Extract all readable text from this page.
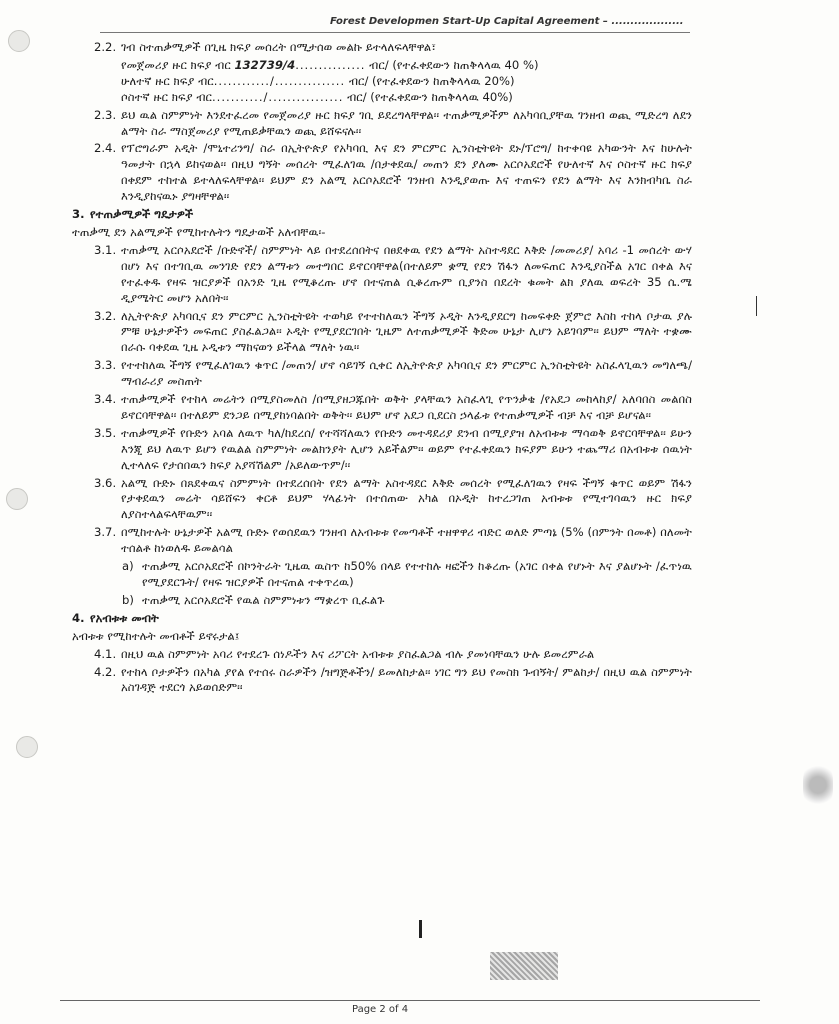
Forest Developmen Start-Up Capital Agreement – ...................
2.2. ገብ ስተጠቃሚዎች በጊዜ ክፍያ መሰረት በሚታሰወ መልኩ ይተላለፍላቸዋል፣
የመጀመሪያ ዙር ክፍያ ብር 132739/4............... ብር/ (የተፈቀደውን ከጠቅላላዉ 40 %)
ሁለተኛ ዙር ክፍያ ብር............/............... ብር/ (የተፈቀደውን ከጠቅላላዉ 20%)
ሶስተኛ ዙር ክፍያ ብር.........../................ ብር/ (የተፈቀደውን ከጠቅላላዉ 40%)
2.3. ይህ ዉል ስምምነት እንደተፈረመ የመጀመሪያ ዙር ክፍያ ገቢ ይደረግላቸዋል፡፡ ተጠቃሚዎችም ለአካባቢያቸዉ ገንዘብ ወጪ ሚድረግ ለደን ልማት ስራ ማስጀመሪያ የሚጠይቃቸዉን ወጪ ይሸፍናሉ፡፡
2.4. የፕሮግራም አዲት /ሞኒተሪንግ/ ስራ በኢትዮጵያ የአካባቢ እና ደን ምርምር ኢንስቲትዩት ደኑ/ፕሮግ/ ከተቀባዩ አካውንት እና ከሁሉት ዓመታት በኋላ ይከናወል፡፡ በዚህ ግኝት መሰረት ሚፈለገዉ /በታቀደዉ/ መጠን ደን ያለሙ አርሶአደሮች የሁለተኛ እና ሶስተኛ ዙር ክፍያ በቀደም ተከተል ይተላለፍላቸዋል፡፡ ይህም ደን አልሚ አርሶአደሮች ገንዘብ እንዲያወጡ እና ተጠፍን የደን ልማት እና እንክብካቤ ስራ እንዲያከናዉኑ ያግዛቸዋል፡፡
3. የተጠቃሚዎች ግዴታዎች
ተጠቃሚ ደን አልሚዎች የሚከተሉትን ግዴታወች አለብቸዉ፡-
3.1. ተጠቃሚ አርሶአደሮች /ቡድኖች/ ስምምነት ላይ በተደረሰበትና በፀደቀዉ የደን ልማት አስተዳደር እቅድ /መመሪያ/ አባሪ -1 መሰረት ውሃ በሆነ እና በተገቢዉ መንገድ የደን ልማቱን መተግበር ይኖርባቸዋል(በተለይም ቋሚ የደን ሽፋን ለመፍጠር እንዲያስችል አገር በቀል እና የተፈቀዱ የዛፍ ዝርያዎች በአንድ ጊዜ የሚቆረጡ ሆኖ በተናጠል ሲቆረጡም ቢያንስ በደረት ቁመት ልክ ያለዉ ወፍረት 35 ሴ.ሜ ዲያሜትር መሆን አለበት፡፡
3.2. ለኢትዮጵያ አካባቢና ደን ምርምር ኢንስቲትዩት ተወካይ የተተከለዉን ችግኝ ኦዲት እንዲያደርግ ከመፍቀድ ጀምሮ እስከ ተከላ ቦታዉ ያሉ ምቹ ሁኔታዎችን መፍጠር ያስፈልጋል፡፡ ኦዲት የሚያደርገበት ጊዜም ለተጠቃሚዎች ቅድመ ሁኔታ ሊሆን አይገባም፡፡ ይህም ማለት ተቋሙ በራሱ ባቀደዉ ጊዜ ኦዲቱን ማከናወን ይችላል ማለት ነዉ፡፡
3.3. የተተከለዉ ችግኝ የሚፈለገዉን ቁጥር /መጠን/ ሆኖ ሳይገኝ ሲቀር ለኢትዮጵያ አካባቢና ደን ምርምር ኢንስቲትዩት አስፈላጊዉን መግለጫ/ማብራሪያ መስጠት
3.4. ተጠቃሚዎች የተከላ መሬትን በሚያስመለስ /በሚያዘጋጁበት ወቅት ያላቸዉን አስፈላጊ የጥንቃቄ /የአደጋ መከላከያ/ አለባበስ መልበስ ይኖርባቸዋል፡፡ በተለይም ደንጋይ በሚያከነባልበት ወቅት፡፡ ይህም ሆኖ አደጋ ቢደርስ ኃላፊቱ የተጠቃሚዎች ብቻ እና ብቻ ይሆናል፡፡
3.5. ተጠቃሚዎች የቡድን አባል ለዉጥ ካለ/ከደረሰ/ የተሻሻለዉን የቡድን መተዳደሪያ ደንብ በሚያያዝ ለአብቱቱ ማሳወቅ ይኖርባቸዋል፡፡ ይሁን እንጂ ይህ ለዉጥ ይሆን የዉልል ስምምነት መልክንያት ሊሆን አይችልም፡፡ ወይም የተፈቀደዉን ክፍያም ይሁን ተጨማሪ በአብቱቱ ሰዉነት ሊተላለፍ የታሰበዉን ክፍያ አያሻሽልም /አይለውጥም/፡፡
3.6. አልሚ ቡድኑ በጸደቀዉና ስምምነት በተደረሰበት የደን ልማት አስተዳደር እቅድ መሰረት የሚፈለገዉን የዛፍ ችግኝ ቁጥር ወይም ሽፋን የታቀደዉን መሬት ሳይሸፍን ቀርቶ ይህም ሃላፊነት በተሰጠው አካል በኦዲት ከተረጋገጠ አብቱቱ የሚተገባዉን ዙር ክፍያ ለያስተላልፍላቸዉም፡፡
3.7. በሚከተሉት ሁኔታዎች አልሚ ቡድኑ የወሰደዉን ገንዘብ ለአብቱቱ የመጣቶች ተዘዋዋሪ ብድር ወለድ ምጣኔ (5% (በምንት በመቶ) በለመት ተሰልቶ ከነወለዱ ይመልሳል
a) ተጠቃሚ አርሶአደሮች በኮንትራት ጊዜዉ ዉስጥ ከ50% በላይ የተተከሉ ዛፎችን ከቆረጡ (አገር በቀል የሆኑት እና ያልሆኑት /ፈጥነዉ የሚያደርጉት/ የዛፍ ዝርያዎች በተናጠል ተቀጥረዉ)
b) ተጠቃሚ አርሶአደሮች የዉል ስምምነቱን ማቋረጥ ቢፈልጉ
4. የአብቱቱ መብት
አብቱቱ የሚከተሉት መብቶች ይኖሩታል፤
4.1. በዚህ ዉል ስምምነት አባሪ የተደረጉ ሰነዶችን እና ሪፖርት አብቱቱ ያስፈልጋል ብሉ ያመነባቸዉን ሁሉ ይመረምራል
4.2. የተከላ ቦታዎችን በአካል ያየል የተሰሩ ስራዎችን /ዝግጅቶችን/ ይመለከታል፡፡ ነገር ግን ይህ የመስክ ጉብኝት/ ምልከታ/ በዚህ ዉል ስምምነት አስገዳጅ ተደርጎ አይወሰድም፡፡
Page 2 of 4
